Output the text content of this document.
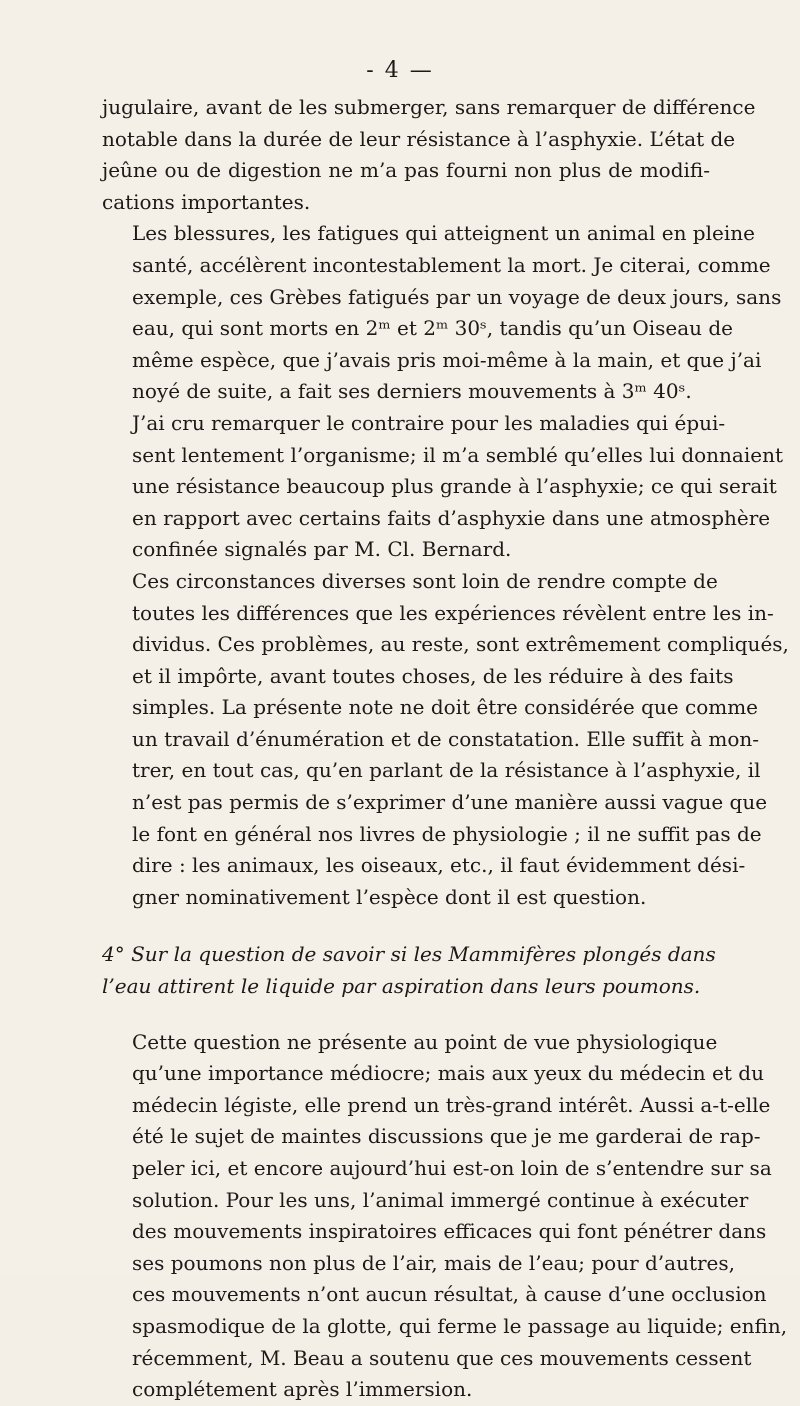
- 4 —

jugulaire, avant de les submerger, sans remarquer de différence
notable dans la durée de leur résistance à l’asphyxie. L’état de
jeûne ou de digestion ne m’a pas fourni non plus de modifi-
cations importantes.

Les blessures, les fatigues qui atteignent un animal en pleine
santé, accélèrent incontestablement la mort. Je citerai, comme
exemple, ces Grèbes fatigués par un voyage de deux jours, sans
eau, qui sont morts en 2ᵐ et 2ᵐ 30ˢ, tandis qu’un Oiseau de
même espèce, que j’avais pris moi-même à la main, et que j’ai
noyé de suite, a fait ses derniers mouvements à 3ᵐ 40ˢ.

J’ai cru remarquer le contraire pour les maladies qui épui-
sent lentement l’organisme; il m’a semblé qu’elles lui donnaient
une résistance beaucoup plus grande à l’asphyxie; ce qui serait
en rapport avec certains faits d’asphyxie dans une atmosphère
confinée signalés par M. Cl. Bernard.

Ces circonstances diverses sont loin de rendre compte de
toutes les différences que les expériences révèlent entre les in-
dividus. Ces problèmes, au reste, sont extrêmement compliqués,
et il impôrte, avant toutes choses, de les réduire à des faits
simples. La présente note ne doit être considérée que comme
un travail d’énumération et de constatation. Elle suffit à mon-
trer, en tout cas, qu’en parlant de la résistance à l’asphyxie, il
n’est pas permis de s’exprimer d’une manière aussi vague que
le font en général nos livres de physiologie ; il ne suffit pas de
dire : les animaux, les oiseaux, etc., il faut évidemment dési-
gner nominativement l’espèce dont il est question.

4° Sur la question de savoir si les Mammifères plongés dans
l’eau attirent le liquide par aspiration dans leurs poumons.

Cette question ne présente au point de vue physiologique
qu’une importance médiocre; mais aux yeux du médecin et du
médecin légiste, elle prend un très-grand intérêt. Aussi a-t-elle
été le sujet de maintes discussions que je me garderai de rap-
peler ici, et encore aujourd’hui est-on loin de s’entendre sur sa
solution. Pour les uns, l’animal immergé continue à exécuter
des mouvements inspiratoires efficaces qui font pénétrer dans
ses poumons non plus de l’air, mais de l’eau; pour d’autres,
ces mouvements n’ont aucun résultat, à cause d’une occlusion
spasmodique de la glotte, qui ferme le passage au liquide; enfin,
récemment, M. Beau a soutenu que ces mouvements cessent
complétement après l’immersion.
